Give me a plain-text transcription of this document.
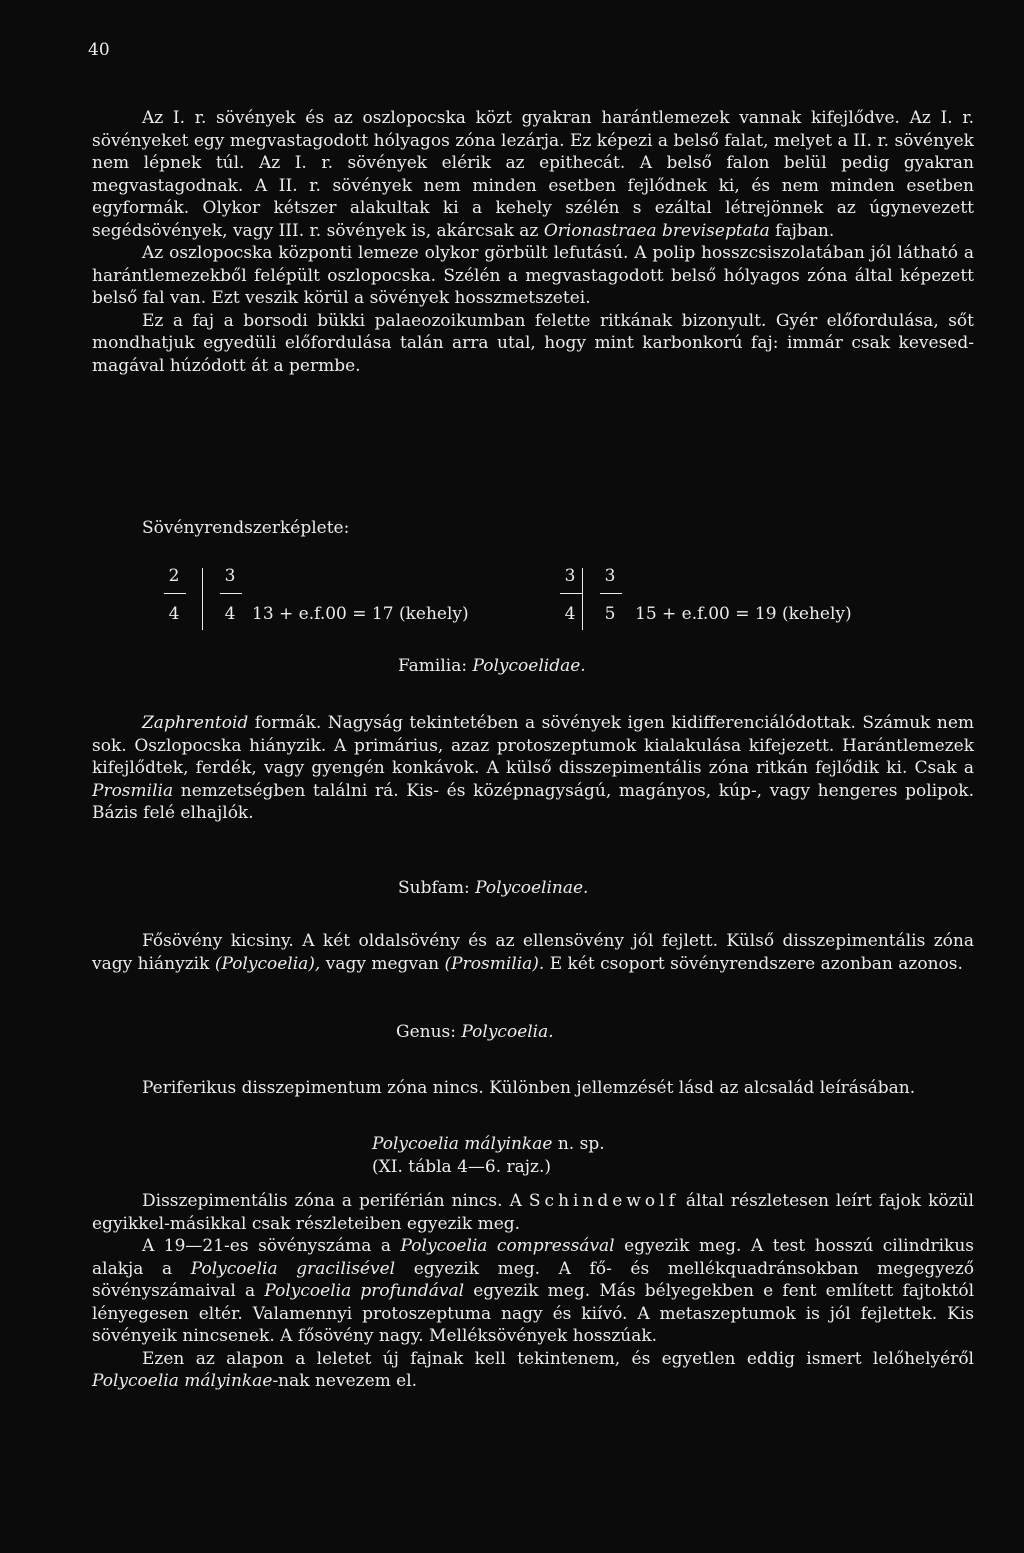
40

Az I. r. sövények és az oszlopocska közt gyakran harántlemezek vannak kifejlődve. Az I. r. sövényeket egy megvastagodott hólyagos zóna lezárja. Ez képezi a belső falat, melyet a II. r. sövények nem lépnek túl. Az I. r. sövények elérik az epithecát. A belső falon belül pedig gyakran megvastagodnak. A II. r. sövények nem minden esetben fejlődnek ki, és nem minden esetben egyformák. Olykor kétszer alakultak ki a kehely szélén s ezáltal létrejönnek az úgynevezett segédsövények, vagy III. r. sövények is, akárcsak az Orionastraea breviseptata fajban.

Az oszlopocska központi lemeze olykor görbült lefutású. A polip hosszcsiszolatában jól látható a harántlemezekből felépült oszlopocska. Szélén a megvastagodott belső hólyagos zóna által képezett belső fal van. Ezt veszik körül a sövények hosszmetszetei.

Ez a faj a borsodi bükki palaeozoikumban felette ritkának bizonyult. Gyér előfordulása, sőt mondhatjuk egyedüli előfordulása talán arra utal, hogy mint karbonkorú faj: immár csak kevesed-magával húzódott át a permbe.

Sövényrendszerképlete:
2
4
3
4 13 + e.f.00 = 17 (kehely)
3
4
3
5	15 + e.f.00 = 19 (kehely)
Familia: Polycoelidae.

Zaphrentoid formák. Nagyság tekintetében a sövények igen kidifferenciálódottak. Számuk nem sok. Oszlopocska hiányzik. A primárius, azaz protoszeptumok kialakulása kifejezett. Harántlemezek kifejlődtek, ferdék, vagy gyengén konkávok. A külső disszepimentális zóna ritkán fejlődik ki. Csak a Prosmilia nemzetségben találni rá. Kis- és középnagyságú, magányos, kúp-, vagy hengeres polipok. Bázis felé elhajlók.

Subfam: Polycoelinae.

Fősövény kicsiny. A két oldalsövény és az ellensövény jól fejlett. Külső disszepimentális zóna vagy hiányzik (Polycoelia), vagy megvan (Prosmilia). E két csoport sövényrendszere azonban azonos.

Genus: Polycoelia.

Periferikus disszepimentum zóna nincs. Különben jellemzését lásd az alcsalád leírásában.

Polycoelia mályinkae n. sp.
(XI. tábla 4—6. rajz.)

Disszepimentális zóna a periférián nincs. A Schindewolf által részletesen leírt fajok közül egyikkel-másikkal csak részleteiben egyezik meg.

A 19—21-es sövényszáma a Polycoelia compressával egyezik meg. A test hosszú cilindrikus alakja a Polycoelia gracilisével egyezik meg. A fő- és mellékquadránsokban megegyező sövényszámaival a Polycoelia profundával egyezik meg. Más bélyegekben e fent említett fajtoktól lényegesen eltér. Valamennyi protoszeptuma nagy és kiívó. A metaszeptumok is jól fejlettek. Kis sövényeik nincsenek. A fősövény nagy. Melléksövények hosszúak.

Ezen az alapon a leletet új fajnak kell tekintenem, és egyetlen eddig ismert lelőhelyéről Polycoelia mályinkae-nak nevezem el.
